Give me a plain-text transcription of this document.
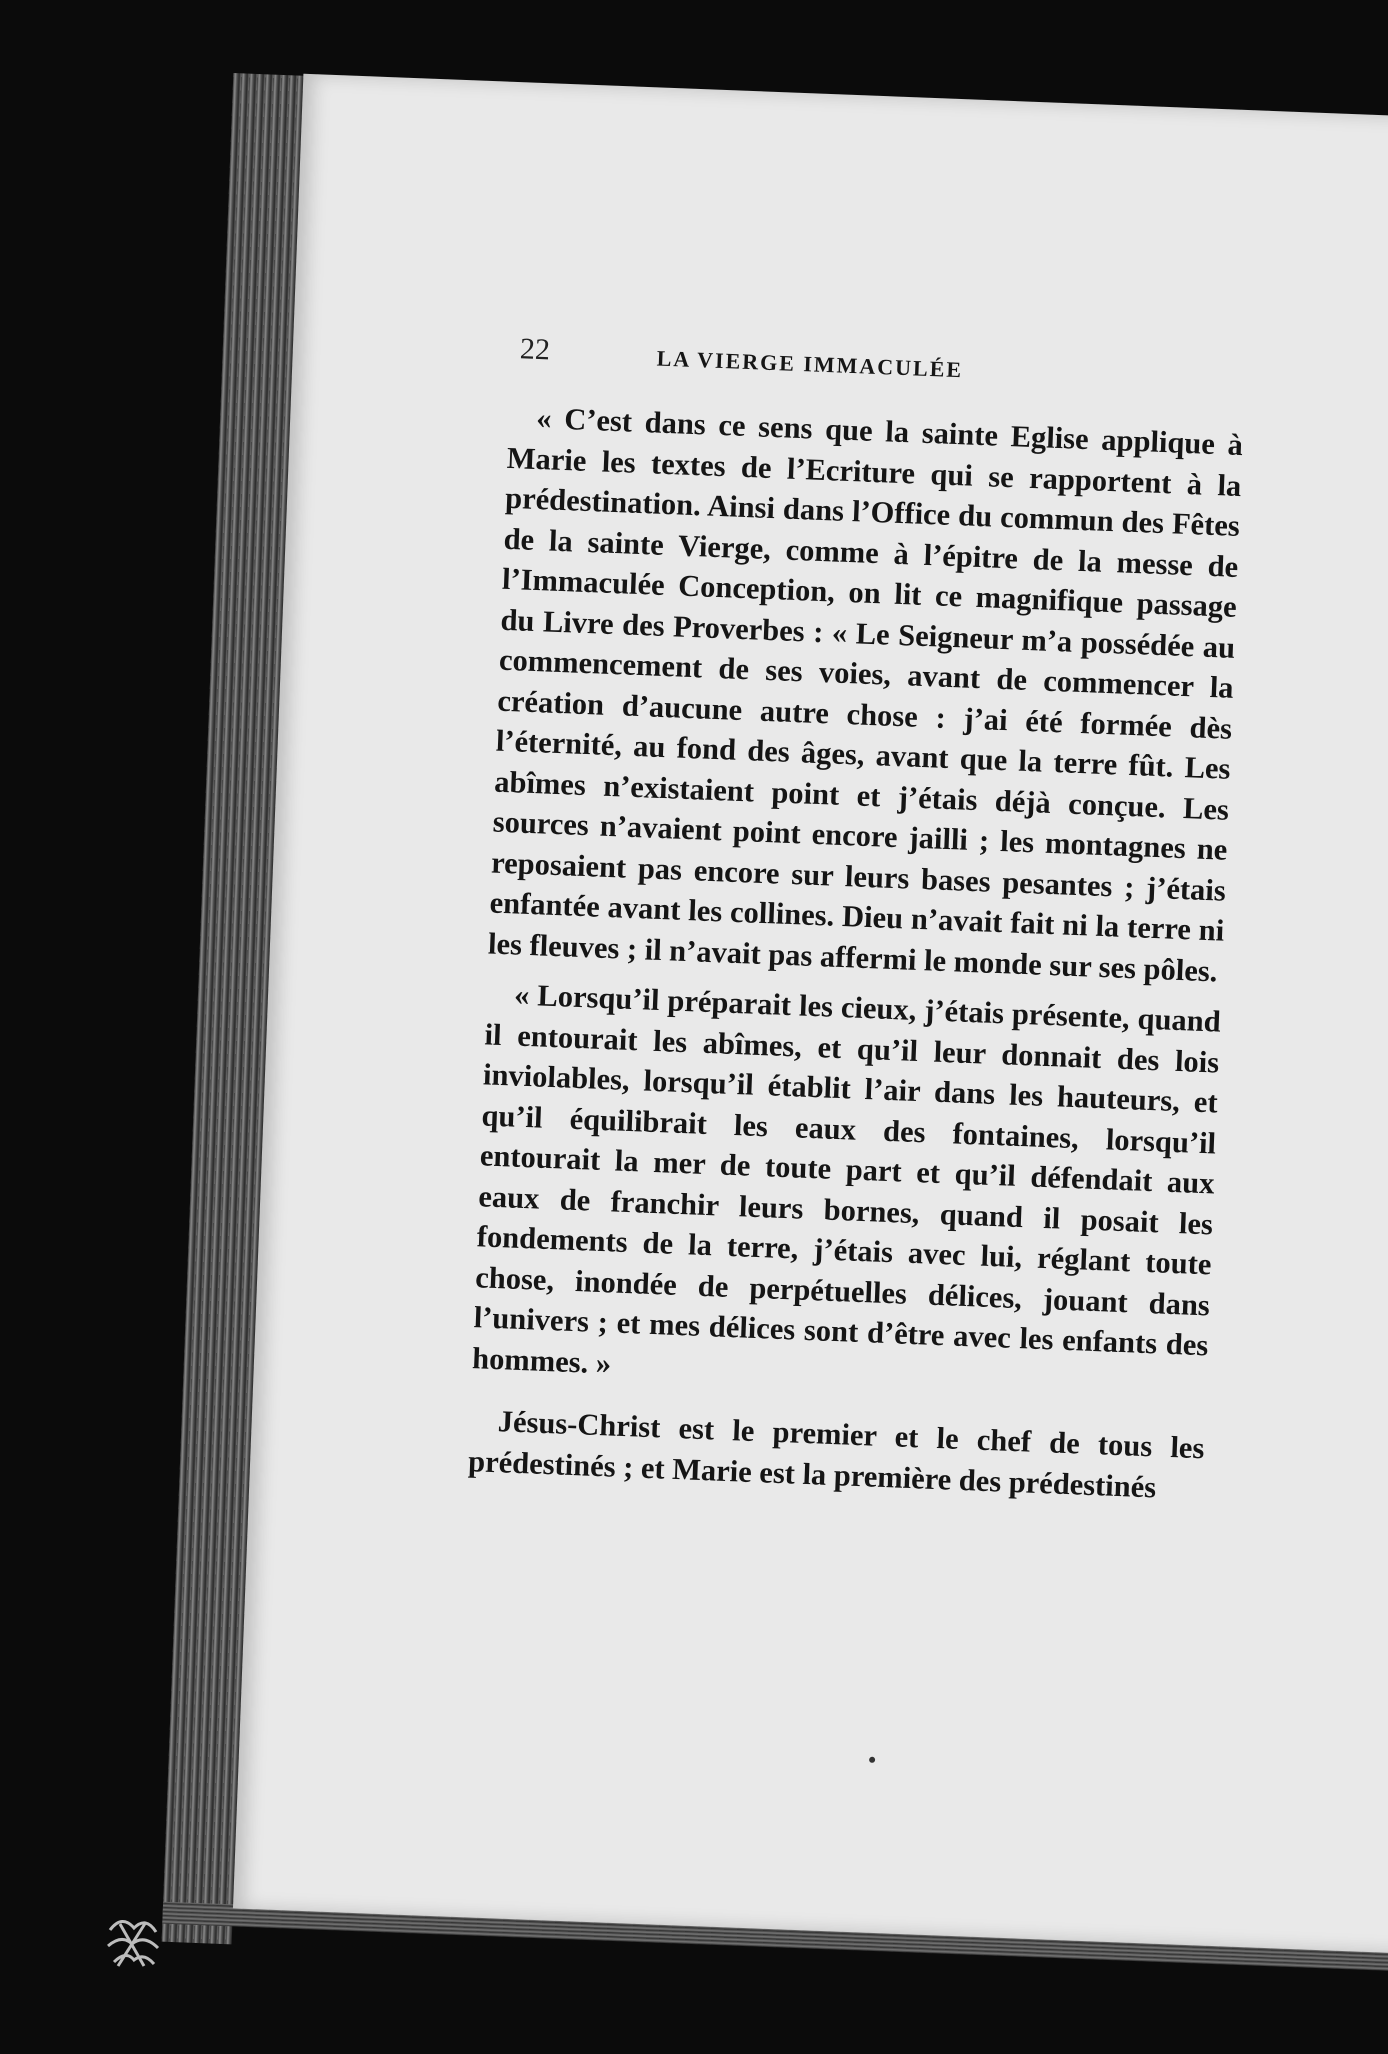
22	LA VIERGE IMMACULÉE

« C’est dans ce sens que la sainte Eglise applique à Marie les textes de l’Ecriture qui se rapportent à la prédestination. Ainsi dans l’Office du commun des Fêtes de la sainte Vierge, comme à l’épitre de la messe de l’Immaculée Conception, on lit ce magnifique passage du Livre des Proverbes : « Le Seigneur m’a possédée au commencement de ses voies, avant de commencer la création d’aucune autre chose : j’ai été formée dès l’éternité, au fond des âges, avant que la terre fût. Les abîmes n’existaient point et j’étais déjà conçue. Les sources n’avaient point encore jailli ; les montagnes ne reposaient pas encore sur leurs bases pesantes ; j’étais enfantée avant les collines. Dieu n’avait fait ni la terre ni les fleuves ; il n’avait pas affermi le monde sur ses pôles.

« Lorsqu’il préparait les cieux, j’étais présente, quand il entourait les abîmes, et qu’il leur donnait des lois inviolables, lorsqu’il établit l’air dans les hauteurs, et qu’il équilibrait les eaux des fontaines, lorsqu’il entourait la mer de toute part et qu’il défendait aux eaux de franchir leurs bornes, quand il posait les fondements de la terre, j’étais avec lui, réglant toute chose, inondée de perpétuelles délices, jouant dans l’univers ; et mes délices sont d’être avec les enfants des hommes. »

Jésus-Christ est le premier et le chef de tous les prédestinés ; et Marie est la première des prédestinés
